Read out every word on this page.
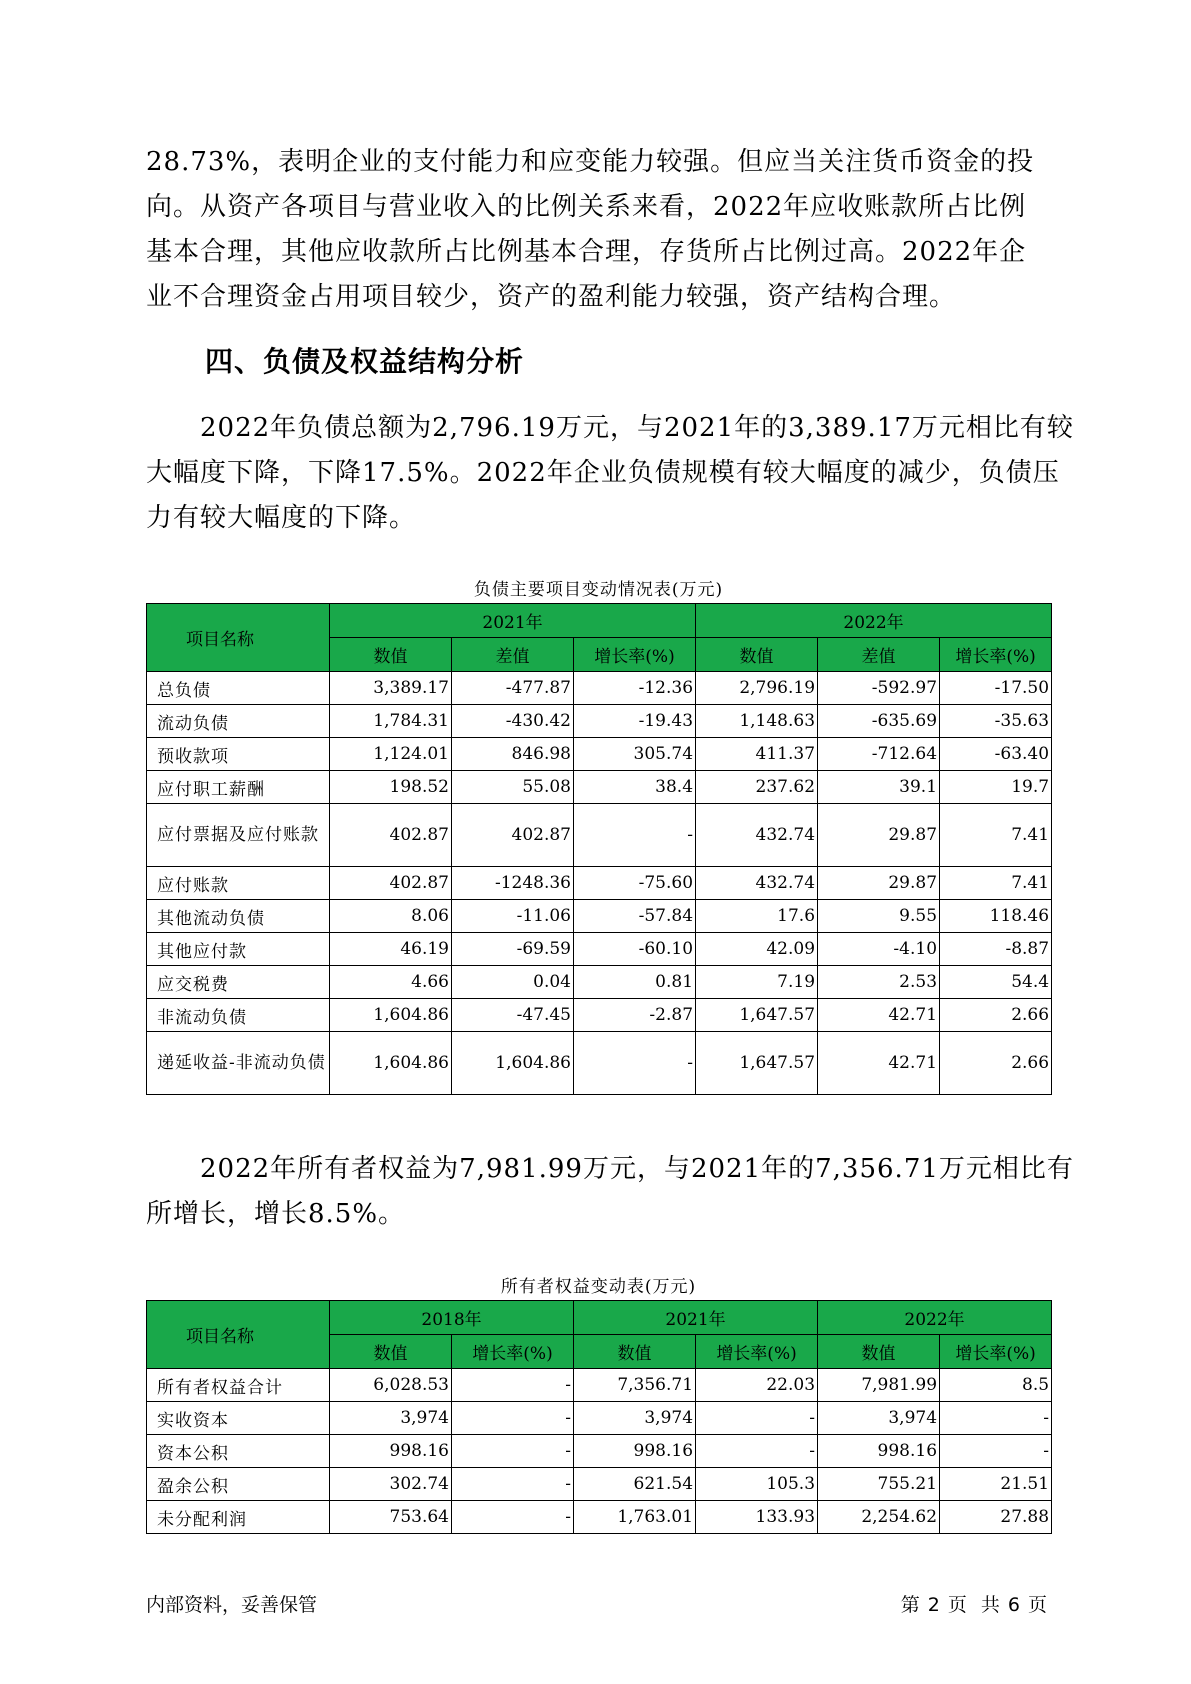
28.73%，表明企业的支付能力和应变能力较强。但应当关注货币资金的投
向。从资产各项目与营业收入的比例关系来看，2022年应收账款所占比例
基本合理，其他应收款所占比例基本合理，存货所占比例过高。2022年企
业不合理资金占用项目较少，资产的盈利能力较强，资产结构合理。
四、负债及权益结构分析
　　2022年负债总额为2,796.19万元，与2021年的3,389.17万元相比有较
大幅度下降，下降17.5%。2022年企业负债规模有较大幅度的减少，负债压
力有较大幅度的下降。
负债主要项目变动情况表(万元)
项目名称	2021年			2022年		
	数值	差值	增长率(%)	数值	差值	增长率(%)
总负债	3,389.17	-477.87	-12.36	2,796.19	-592.97	-17.50
流动负债	1,784.31	-430.42	-19.43	1,148.63	-635.69	-35.63
预收款项	1,124.01	846.98	305.74	411.37	-712.64	-63.40
应付职工薪酬	198.52	55.08	38.4	237.62	39.1	19.7
应付票据及应付账款	402.87	402.87	-	432.74	29.87	7.41
应付账款	402.87	-1248.36	-75.60	432.74	29.87	7.41
其他流动负债	8.06	-11.06	-57.84	17.6	9.55	118.46
其他应付款	46.19	-69.59	-60.10	42.09	-4.10	-8.87
应交税费	4.66	0.04	0.81	7.19	2.53	54.4
非流动负债	1,604.86	-47.45	-2.87	1,647.57	42.71	2.66
递延收益-非流动负债	1,604.86	1,604.86	-	1,647.57	42.71	2.66
　　2022年所有者权益为7,981.99万元，与2021年的7,356.71万元相比有
所增长，增长8.5%。
所有者权益变动表(万元)
项目名称	2018年		2021年		2022年	
	数值	增长率(%)	数值	增长率(%)	数值	增长率(%)
所有者权益合计	6,028.53	-	7,356.71	22.03	7,981.99	8.5
实收资本	3,974	-	3,974	-	3,974	-
资本公积	998.16	-	998.16	-	998.16	-
盈余公积	302.74	-	621.54	105.3	755.21	21.51
未分配利润	753.64	-	1,763.01	133.93	2,254.62	27.88
内部资料，妥善保管	第 2 页 共 6 页
